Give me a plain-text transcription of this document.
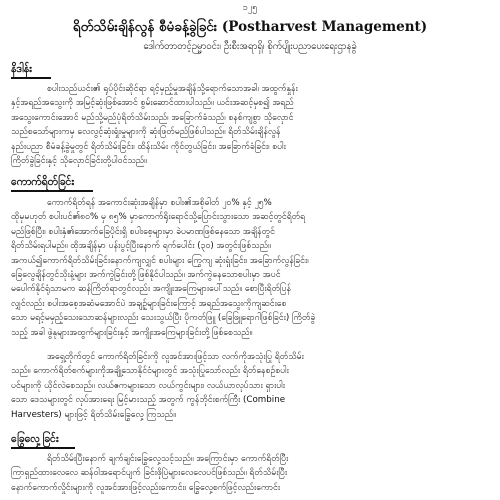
၁၂၅
ရိတ်သိမ်းချိန်လွန် စီမံခန့်ခွဲခြင်း (Postharvest Management)
ဒေါက်တာတင့်ဉမ္မာဝင်း၊ ဦးစီးအရာရှိ၊ စိုက်ပျိုးပညာပေးရေးဌာနခွဲ
နိဒါန်း
စပါးသည်ယင်း၏ ရုပ်ပိုင်းဆိုင်ရာ ရင့်မှည့်မှုအချိန်သို့ရောက်သောအခါ၊ အထွက်နှုန်း
နှင့်အရည်အသွေးကို အမြင့်ဆုံးဖြစ်အောင် စွမ်းဆောင်ထားပါသည်။ ယင်းအဆင့်မှစ၍ အရည်
အသွေးကောင်းအောင် မည်သို့မည်ပုံရိတ်သိမ်းသည်၊ အခြောက်ခံသည်၊ စနစ်ကျစွာ သိုလှောင်
သည်စသော်များကမှ လေလွင့်ဆုံးရှုံးမှုများကို ဆုံးဖြတ်မည်ဖြစ်ပါသည်။ ရိတ်သိမ်းချိန်လွန်
နည်းပညာ စီမံခန့်ခွဲမှုတွင် ရိတ်သိမ်းခြင်း၊ ထိန်းသိမ်း ကိုင်တွယ်ခြင်း၊ အခြောက်ခံခြင်း၊ စပါး
ကြိတ်ခွဲခြင်းနှင့် သိုလှောင်ခြင်းတို့ပါဝင်သည်။
ကောက်ရိတ်ခြင်း
ကောက်ရိတ်ရန် အကောင်းဆုံးအချိန်မှာ စပါး၏အစိုဓါတ် ၂၀% နှင့် ၂၅%
ထိုမှမဟုတ် စပါးပင်၏၈၀% မှ ၈၅% မှာကောက်ရိုးရောင်သို့ပြောင်းသွားသော အဆင့်တွင်ရိတ်ရ
မည်ဖြစ်ပြီး၊ စပါးနှံ၏အောက်ခြေပိုင်းရှိ စပါးစေ့များမှာ ခဲပမာဏဖြစ်နေသော အချိန်တွင်
ရိတ်သိမ်းရပါမည်။ ထိုအချိန်မှာ ပန်းပွင့်ပြီးနောက် ရက်ပေါင်း (၃၀) အတွင်းဖြစ်သည်။
အကယ်၍ကောက်ရိတ်သိမ်းခြင်းနောက်ကျလျှင် စပါးများ ကြွေကျ ဆုံးရှုံးခြင်း၊ အခြောက်လွန်ခြင်း၊
ခြေလွေချိန်တွင်သိုးနံ့များ အက်ကွဲခြင်းတို့ဖြစ်နိုင်ပါသည်။ အက်ကွဲနေသောစပါးမှာ အပင်
မပေါက်နိုင်ရုံသာမက ဆန်ကြိတ်ရာတွင်လည်း အကျိုးအကြေများပေါ်သည်။ စောပြီးရိတ်ပြန်
လျှင်လည်း စပါးအစေ့အဆံမအောင်ပဲ အချဉ့်များခြင်းကြောင့် အရည်အသွေးကိုကျဆင်းစေ
သော မရင့်မမှည့်သေးသောဆန်များလည်း သေးသွယ်ပြီး ပိုကတ်ဖြူ (ခြေဖြူရောဂါဖြစ်ခြင်း) ကြိတ်ခွဲ
သည့် အခါ ဖွဲနုများအထွက်များခြင်းနှင့် အကျိုးအကြေများခြင်းတို့ဖြစ်စေသည်။
အရှေ့တိုက်တွင် ကောက်ရိတ်ခြင်းကို လူအင်အားဖြင့်သာ လက်ကိုအသုံးပြု ရိတ်သိမ်း
သည်။ ကောက်ရိတ်စက်များကိုအချို့သောနိုင်ငံများတွင် အသုံးပြုသော်လည်း ရိတ်နေစဉ်စပါး
ပင်များကို ယိုင်လဲစေသည်။ လယ်ဧကများသော လယ်ကွင်းများ၊ လယ်ယာလုပ်သား ရှားပါး
သော ဒေသများတွင် လုပ်အားရေး မြင့်မားသည့် အတွက် ကွန်ဘိုင်းစက်ကြီး (Combine
Harvesters) များဖြင့် ရိတ်သိမ်းခြွေလှေ့ ကြသည်။
ခြွေလှေ့ခြင်း
ရိတ်သိမ်းပြီးနောက် ချက်ချင်းခြွေလှေ့သင့်သည်။ အကြောင်းမှာ ကောက်ရိတ်ပြီး
ကြာရှည်ထားလေလေ ဆန်ဝါအရောင်ပျက် ခြင်းဖိုပြဲများလေလေပင်ဖြစ်သည်။ ရိတ်သိမ်းပြီး
နောက်ကောက်လှိုင်းများကို လူအင်အားဖြင့်လည်းကောင်း၊ ခြွေလှေ့စက်ဖြင့်လည်းကောင်း
